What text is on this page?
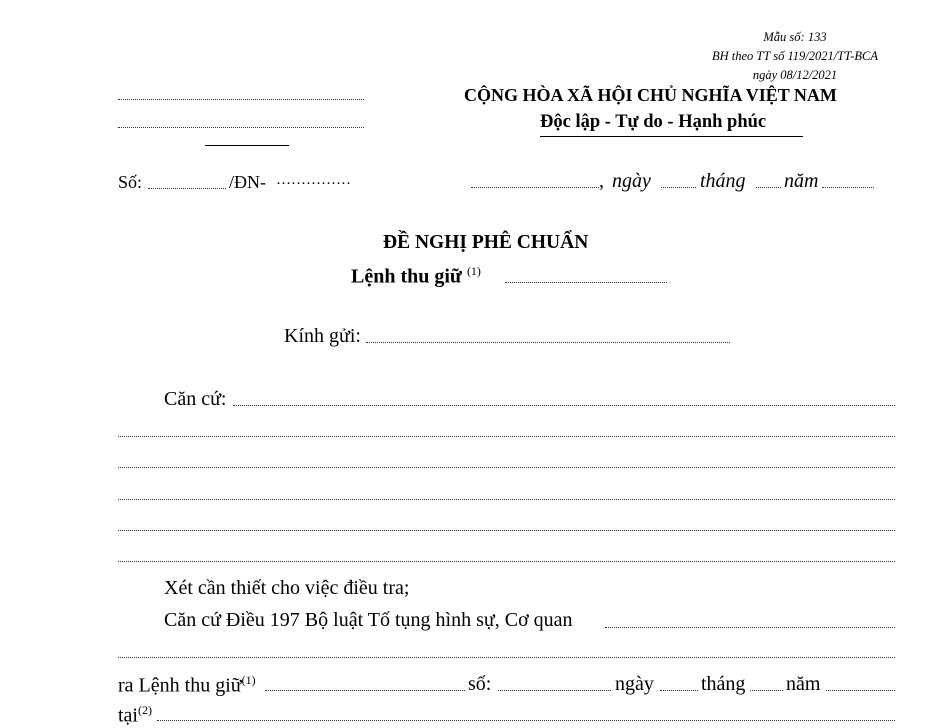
Mẫu số: 133
BH theo TT số 119/2021/TT-BCA
ngày 08/12/2021
CỘNG HÒA XÃ HỘI CHỦ NGHĨA VIỆT NAM
Độc lập - Tự do - Hạnh phúc
Số:	/ĐN- ……………	, ngày tháng năm
ĐỀ NGHỊ PHÊ CHUẨN
Lệnh thu giữ $^{(1)}$
Kính gửi:
Căn cứ:
Xét cần thiết cho việc điều tra;
Căn cứ Điều 197 Bộ luật Tố tụng hình sự, Cơ quan
ra Lệnh thu giữ$^{(1)}$	số:	ngày tháng năm
tại$^{(2)}$
